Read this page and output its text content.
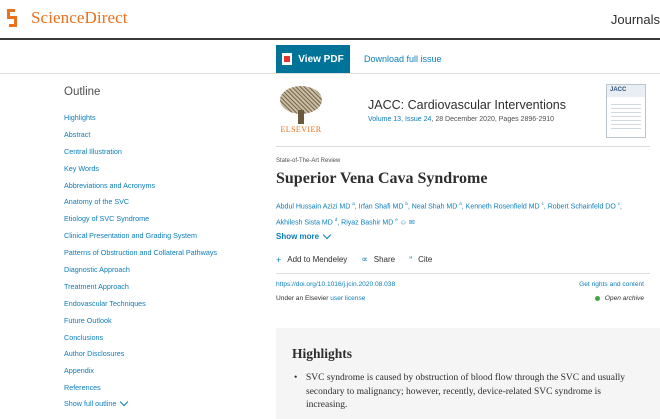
ScienceDirect	Journals
View PDF Download full issue
Outline
Highlights
Abstract
Central Illustration
Key Words
Abbreviations and Acronyms
Anatomy of the SVC
Etiology of SVC Syndrome
Clinical Presentation and Grading System
Patterns of Obstruction and Collateral Pathways
Diagnostic Approach
Treatment Approach
Endovascular Techniques
Future Outlook
Conclusions
Author Disclosures
Appendix
References
Show full outline
ELSEVIER
JACC: Cardiovascular Interventions
Volume 13, Issue 24, 28 December 2020, Pages 2896-2910
JACC
State-of-The-Art Review
Superior Vena Cava Syndrome
Abdul Hussain Azizi MD $^a$, Irfan Shafi MD $^b$, Neal Shah MD $^a$, Kenneth Rosenfield MD $^c$, Robert Schainfeld DO $^c$,
Akhilesh Sista MD $^d$, Riyaz Bashir MD $^e$ ☺ ✉
Show more
+ Add to Mendeley ∝ Share ” Cite
https://doi.org/10.1016/j.jcin.2020.08.038
Under an Elsevier user license
Get rights and content
Open archive
Highlights
• SVC syndrome is caused by obstruction of blood flow through the SVC and usually secondary to malignancy; however, recently, device-related SVC syndrome is increasing.
